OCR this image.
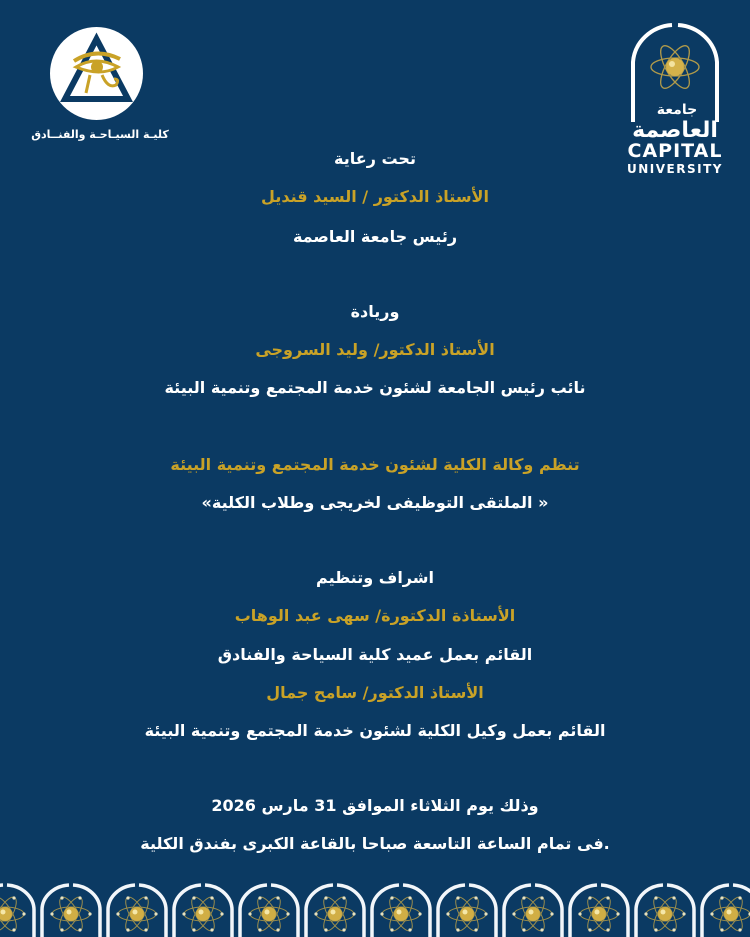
كليـة السيـاحـة والفنــادق
جامعة
العاصمة
CAPITAL
UNIVERSITY
تحت رعاية
الأستاذ الدكتور / السيد قنديل
رئيس جامعة العاصمة
وريادة
الأستاذ الدكتور/ وليد السروجى
نائب رئيس الجامعة لشئون خدمة المجتمع وتنمية البيئة
تنظم وكالة الكلية لشئون خدمة المجتمع وتنمية البيئة
« الملتقى التوظيفى لخريجى وطلاب الكلية»
اشراف وتنظيم
الأستاذة الدكتورة/ سهى عبد الوهاب
القائم بعمل عميد كلية السياحة والفنادق
الأستاذ الدكتور/ سامح جمال
القائم بعمل وكيل الكلية لشئون خدمة المجتمع وتنمية البيئة
وذلك يوم الثلاثاء الموافق 31 مارس 2026
.فى تمام الساعة التاسعة صباحا بالقاعة الكبرى بفندق الكلية
